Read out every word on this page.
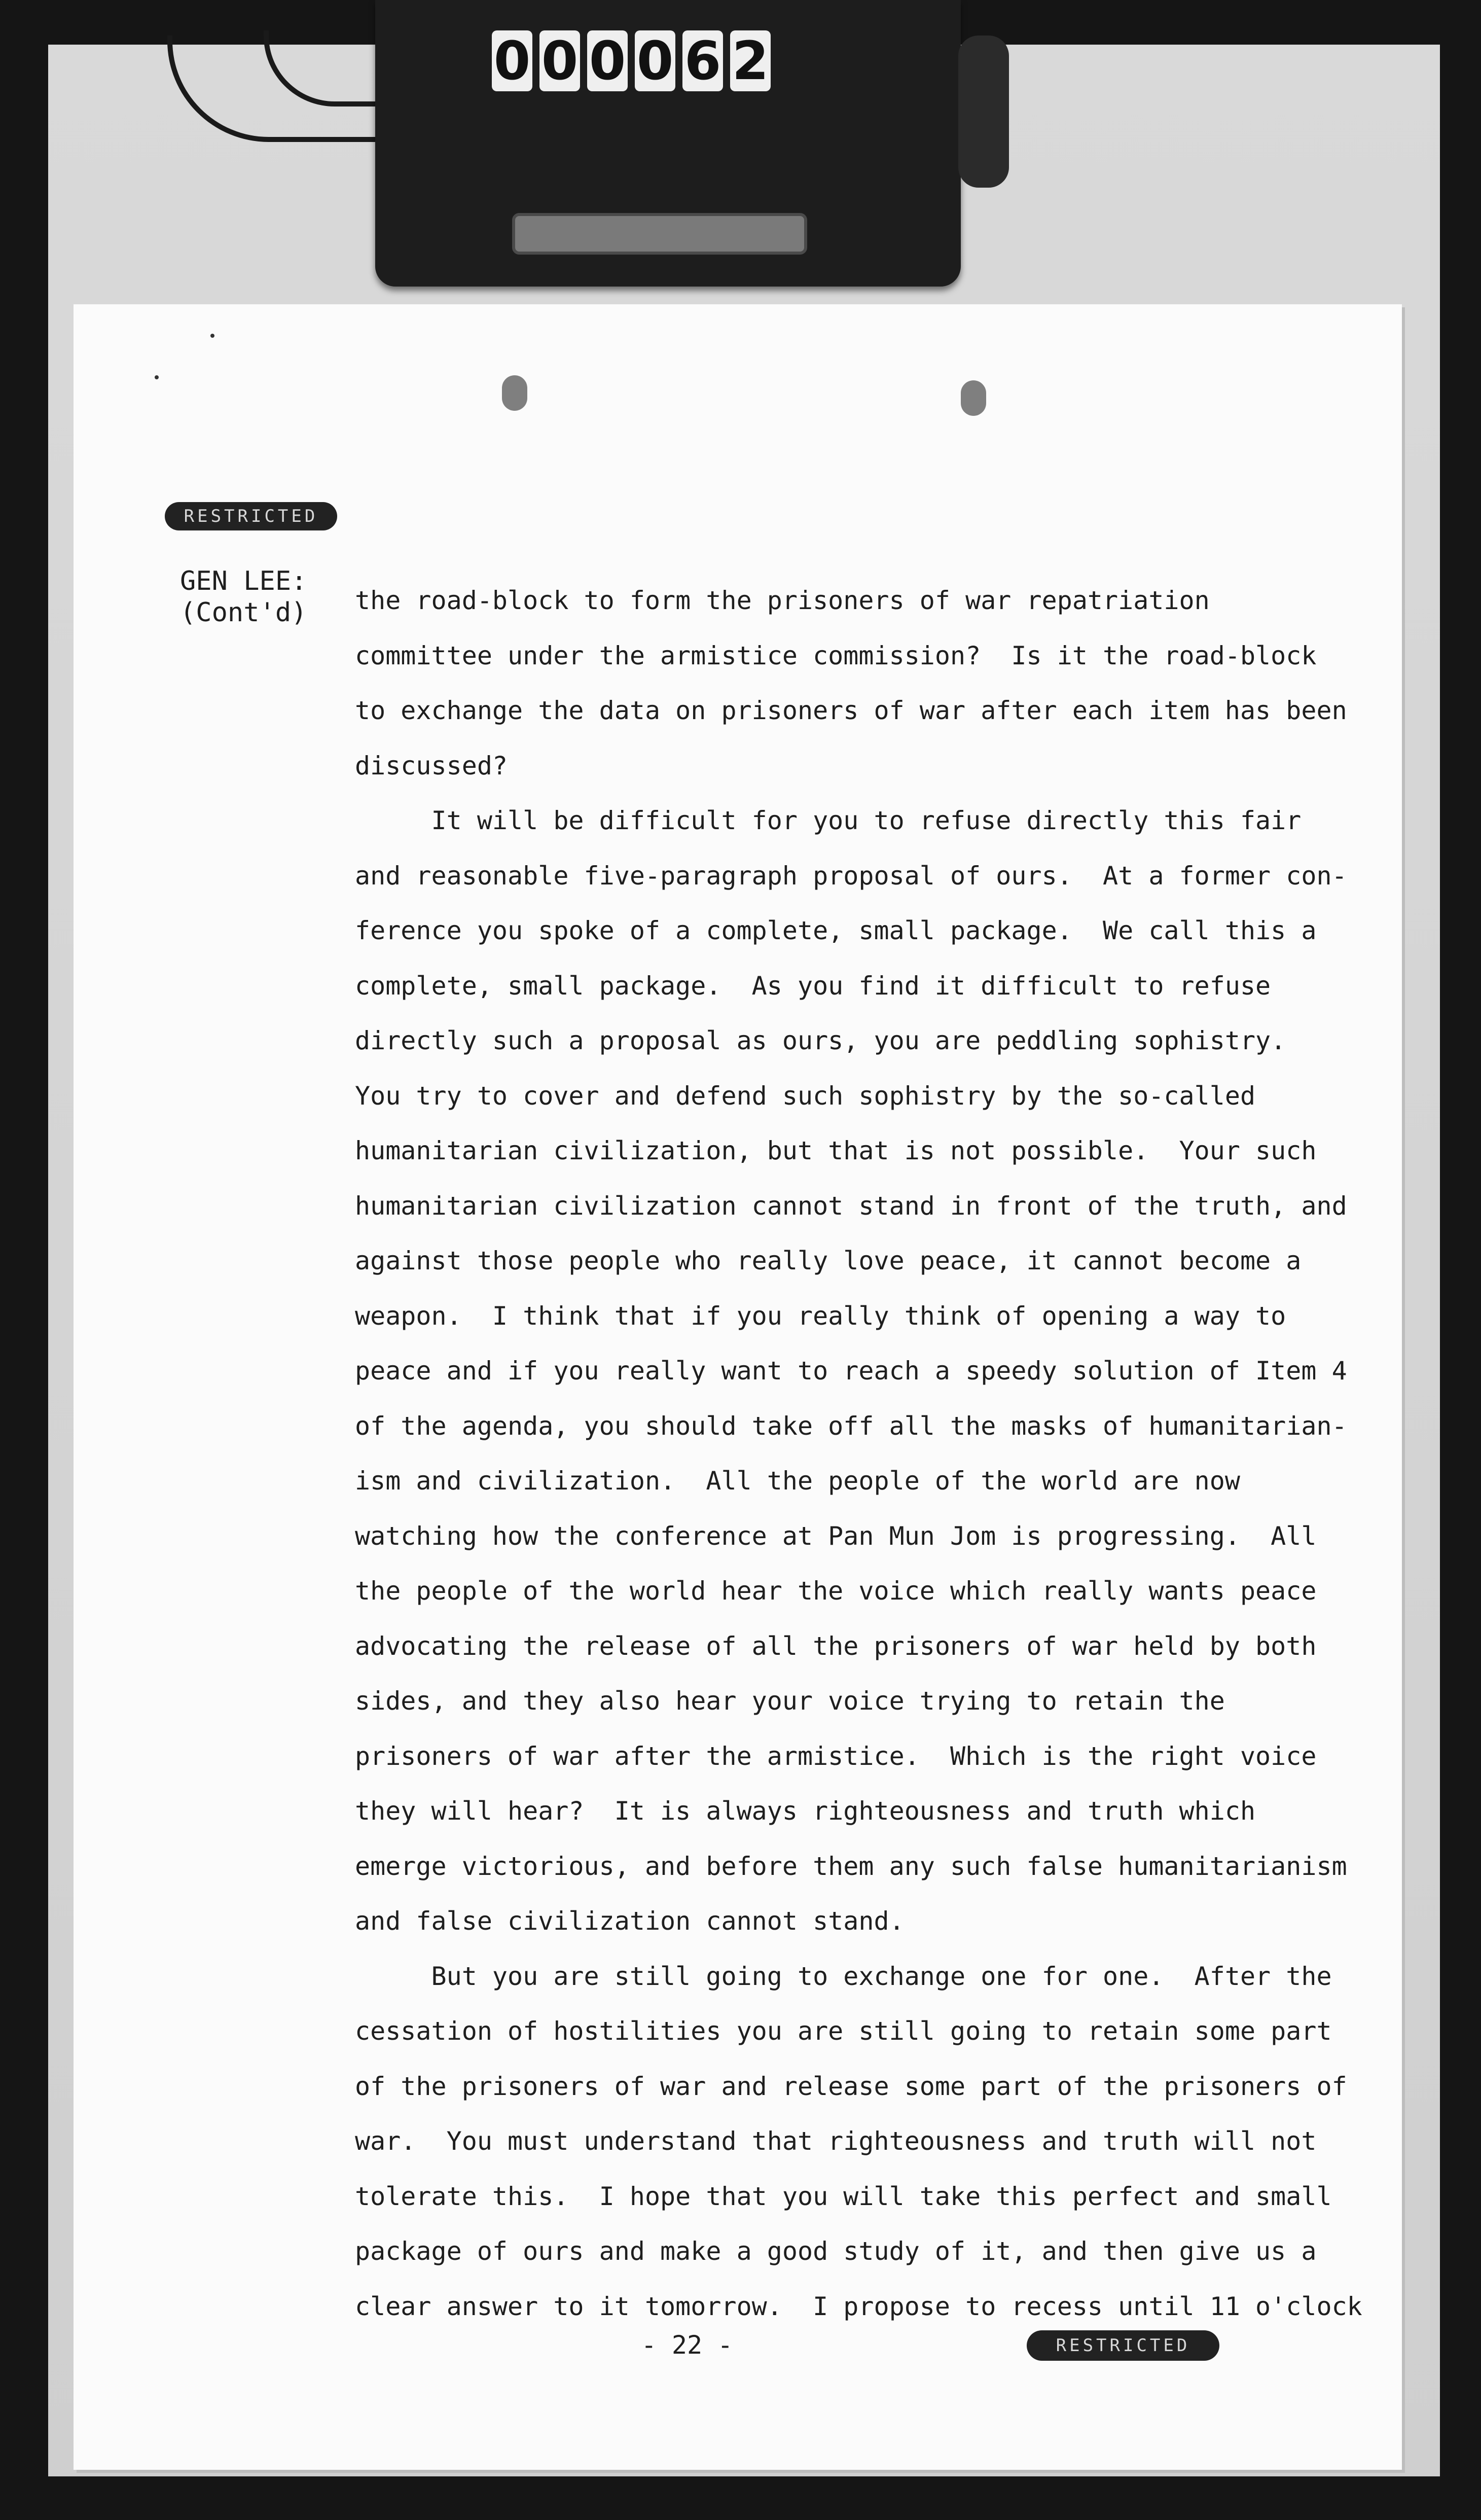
0 0 0 0 6 2
RESTRICTED
GEN LEE:
(Cont'd) the road-block to form the prisoners of war repatriation
committee under the armistice commission?  Is it the road-block
to exchange the data on prisoners of war after each item has been
discussed?
It will be difficult for you to refuse directly this fair
and reasonable five-paragraph proposal of ours.  At a former con-
ference you spoke of a complete, small package.  We call this a
complete, small package.  As you find it difficult to refuse
directly such a proposal as ours, you are peddling sophistry.
You try to cover and defend such sophistry by the so-called
humanitarian civilization, but that is not possible.  Your such
humanitarian civilization cannot stand in front of the truth, and
against those people who really love peace, it cannot become a
weapon.  I think that if you really think of opening a way to
peace and if you really want to reach a speedy solution of Item 4
of the agenda, you should take off all the masks of humanitarian-
ism and civilization.  All the people of the world are now
watching how the conference at Pan Mun Jom is progressing.  All
the people of the world hear the voice which really wants peace
advocating the release of all the prisoners of war held by both
sides, and they also hear your voice trying to retain the
prisoners of war after the armistice.  Which is the right voice
they will hear?  It is always righteousness and truth which
emerge victorious, and before them any such false humanitarianism
and false civilization cannot stand.
But you are still going to exchange one for one.  After the
cessation of hostilities you are still going to retain some part
of the prisoners of war and release some part of the prisoners of
war.  You must understand that righteousness and truth will not
tolerate this.  I hope that you will take this perfect and small
package of ours and make a good study of it, and then give us a
clear answer to it tomorrow.  I propose to recess until 11 o'clock
- 22 -	RESTRICTED
